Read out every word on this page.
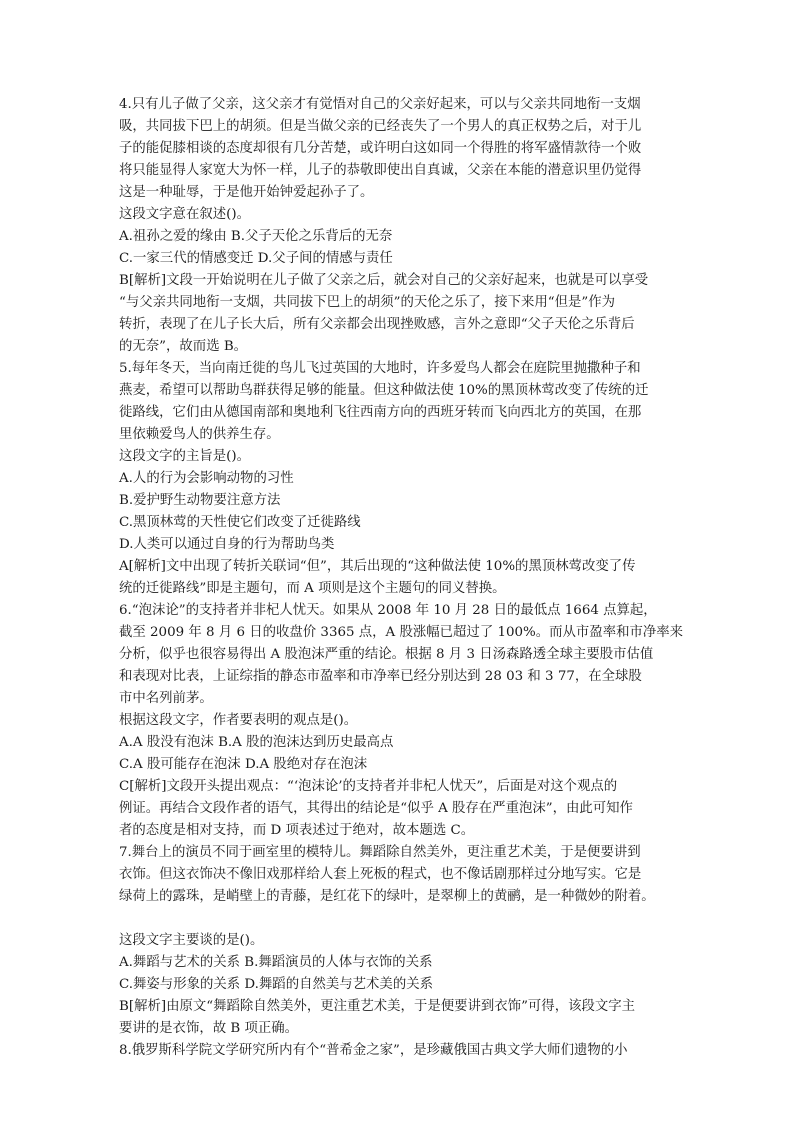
4.只有儿子做了父亲，这父亲才有觉悟对自己的父亲好起来，可以与父亲共同地衔一支烟
吸，共同拔下巴上的胡须。但是当做父亲的已经丧失了一个男人的真正权势之后，对于儿
子的能促膝相谈的态度却很有几分苦楚，或许明白这如同一个得胜的将军盛情款待一个败
将只能显得人家宽大为怀一样，儿子的恭敬即使出自真诚，父亲在本能的潜意识里仍觉得
这是一种耻辱，于是他开始钟爱起孙子了。
这段文字意在叙述()。
A.祖孙之爱的缘由 B.父子天伦之乐背后的无奈
C.一家三代的情感变迁 D.父子间的情感与责任
B[解析]文段一开始说明在儿子做了父亲之后，就会对自己的父亲好起来，也就是可以享受
“与父亲共同地衔一支烟，共同拔下巴上的胡须”的天伦之乐了，接下来用“但是”作为
转折，表现了在儿子长大后，所有父亲都会出现挫败感，言外之意即“父子天伦之乐背后
的无奈”，故而选 B。
5.每年冬天，当向南迁徙的鸟儿飞过英国的大地时，许多爱鸟人都会在庭院里抛撒种子和
燕麦，希望可以帮助鸟群获得足够的能量。但这种做法使 10%的黑顶林莺改变了传统的迁
徙路线，它们由从德国南部和奥地利飞往西南方向的西班牙转而飞向西北方的英国，在那
里依赖爱鸟人的供养生存。
这段文字的主旨是()。
A.人的行为会影响动物的习性
B.爱护野生动物要注意方法
C.黑顶林莺的天性使它们改变了迁徙路线
D.人类可以通过自身的行为帮助鸟类
A[解析]文中出现了转折关联词“但”，其后出现的“这种做法使 10%的黑顶林莺改变了传
统的迁徙路线”即是主题句，而 A 项则是这个主题句的同义替换。
6.“泡沫论”的支持者并非杞人忧天。如果从 2008 年 10 月 28 日的最低点 1664 点算起，
截至 2009 年 8 月 6 日的收盘价 3365 点，A 股涨幅已超过了 100%。而从市盈率和市净率来
分析，似乎也很容易得出 A 股泡沫严重的结论。根据 8 月 3 日汤森路透全球主要股市估值
和表现对比表，上证综指的静态市盈率和市净率已经分别达到 28 03 和 3 77，在全球股
市中名列前茅。
根据这段文字，作者要表明的观点是()。
A.A 股没有泡沫 B.A 股的泡沫达到历史最高点
C.A 股可能存在泡沫 D.A 股绝对存在泡沫
C[解析]文段开头提出观点：“‘泡沫论’的支持者并非杞人忧天”，后面是对这个观点的
例证。再结合文段作者的语气，其得出的结论是“似乎 A 股存在严重泡沫”，由此可知作
者的态度是相对支持，而 D 项表述过于绝对，故本题选 C。
7.舞台上的演员不同于画室里的模特儿。舞蹈除自然美外，更注重艺术美，于是便要讲到
衣饰。但这衣饰决不像旧戏那样给人套上死板的程式，也不像话剧那样过分地写实。它是
绿荷上的露珠，是峭壁上的青藤，是红花下的绿叶，是翠柳上的黄鹂，是一种微妙的附着。
这段文字主要谈的是()。
A.舞蹈与艺术的关系 B.舞蹈演员的人体与衣饰的关系
C.舞姿与形象的关系 D.舞蹈的自然美与艺术美的关系
B[解析]由原文“舞蹈除自然美外，更注重艺术美，于是便要讲到衣饰”可得，该段文字主
要讲的是衣饰，故 B 项正确。
8.俄罗斯科学院文学研究所内有个“普希金之家”，是珍藏俄国古典文学大师们遗物的小
